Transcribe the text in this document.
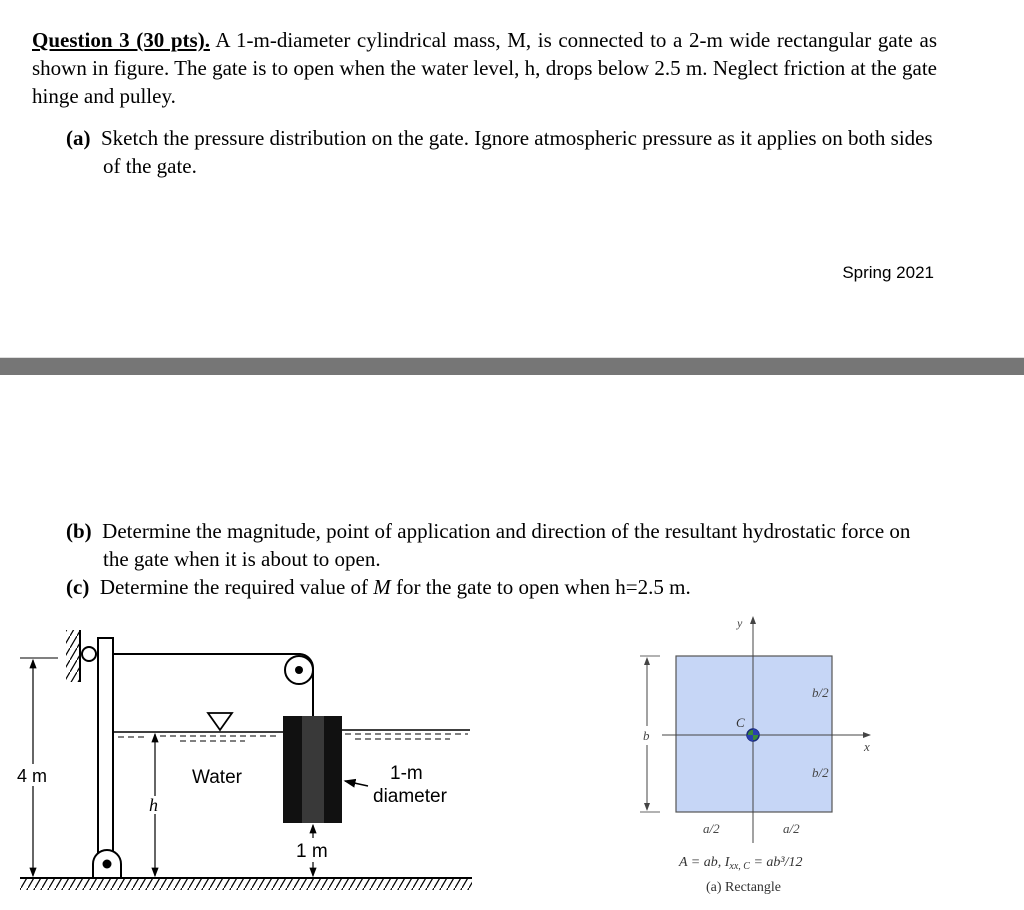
Question 3 (30 pts). A 1-m-diameter cylindrical mass, M, is connected to a 2-m wide rectangular gate as shown in figure. The gate is to open when the water level, h, drops below 2.5 m. Neglect friction at the gate hinge and pulley.

(a) Sketch the pressure distribution on the gate. Ignore atmospheric pressure as it applies on both sides of the gate.

Spring 2021

(b) Determine the magnitude, point of application and direction of the resultant hydrostatic force on the gate when it is about to open.

(c) Determine the required value of M for the gate to open when h=2.5 m.

4 m
h
Water	1-m
diameter
1 m
y
x
b
C
b/2
b/2
a/2	a/2
A = ab, $I_{xx, C} = ab^3/12$
(a) Rectangle
